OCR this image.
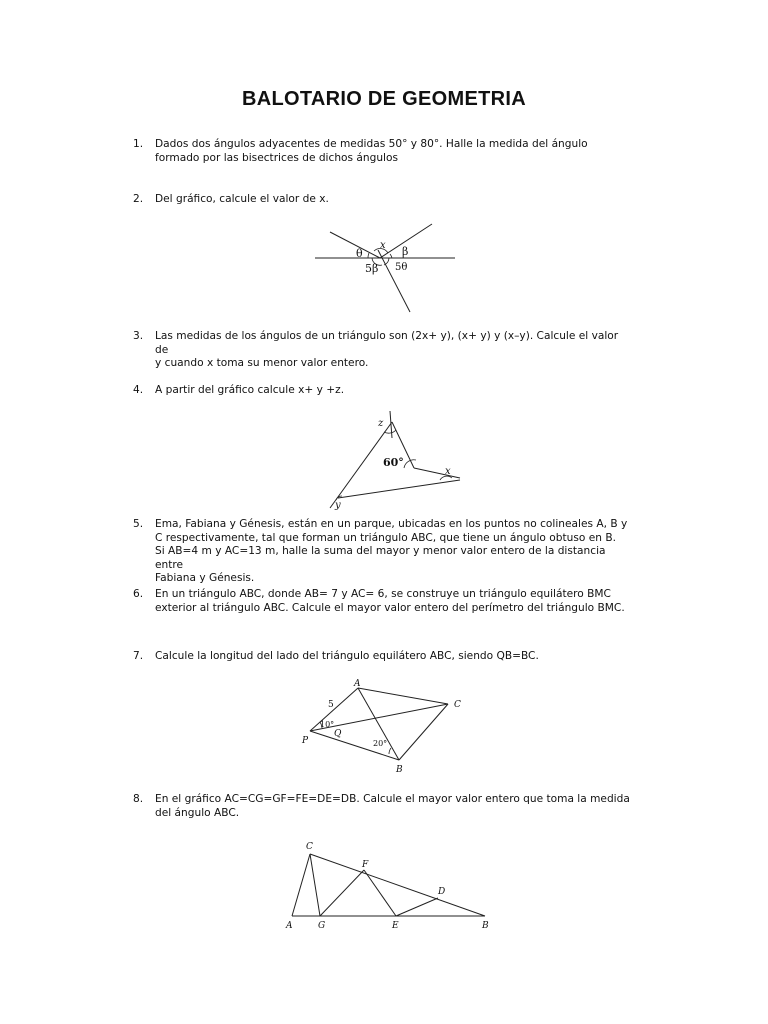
BALOTARIO DE GEOMETRIA
1. Dados dos ángulos adyacentes de medidas 50° y 80°. Halle la medida del ángulo
formado por las bisectrices de dichos ángulos
2. Del gráfico, calcule el valor de x.
x
θ	β
5β 5θ
3. Las medidas de los ángulos de un triángulo son (2x+ y), (x+ y) y (x–y). Calcule el valor de
y cuando x toma su menor valor entero.
4. A partir del gráfico calcule x+ y +z.
z
60°
x
y
5. Ema, Fabiana y Génesis, están en un parque, ubicadas en los puntos no colineales A, B y
C respectivamente, tal que forman un triángulo ABC, que tiene un ángulo obtuso en B.
Si AB=4 m y AC=13 m, halle la suma del mayor y menor valor entero de la distancia entre
Fabiana y Génesis.
6. En un triángulo ABC, donde AB= 7 y AC= 6, se construye un triángulo equilátero BMC
exterior al triángulo ABC. Calcule el mayor valor entero del perímetro del triángulo BMC.
7. Calcule la longitud del lado del triángulo equilátero ABC, siendo QB=BC.
A
C
P
Q
B
5
10°
20°
8. En el gráfico AC=CG=GF=FE=DE=DB. Calcule el mayor valor entero que toma la medida
del ángulo ABC.
C
F
D
A	G	E	B
